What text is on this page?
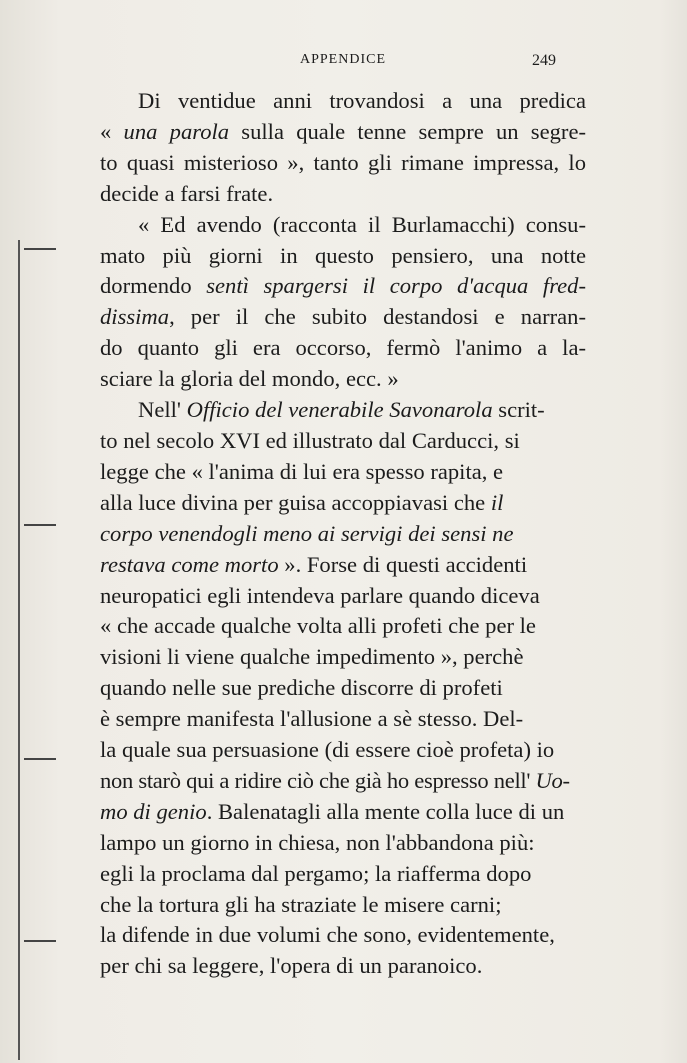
APPENDICE	249

Di ventidue anni trovandosi a una predica
« una parola sulla quale tenne sempre un segre-
to quasi misterioso », tanto gli rimane impressa, lo
decide a farsi frate.

« Ed avendo (racconta il Burlamacchi) consu-
mato più giorni in questo pensiero, una notte
dormendo sentì spargersi il corpo d'acqua fred-
dissima, per il che subito destandosi e narran-
do quanto gli era occorso, fermò l'animo a la-
sciare la gloria del mondo, ecc. »

Nell' Officio del venerabile Savonarola scrit-
to nel secolo XVI ed illustrato dal Carducci, si
legge che « l'anima di lui era spesso rapita, e
alla luce divina per guisa accoppiavasi che il
corpo venendogli meno ai servigi dei sensi ne
restava come morto ». Forse di questi accidenti
neuropatici egli intendeva parlare quando diceva
« che accade qualche volta alli profeti che per le
visioni li viene qualche impedimento », perchè
quando nelle sue prediche discorre di profeti
è sempre manifesta l'allusione a sè stesso. Del-
la quale sua persuasione (di essere cioè profeta) io
non starò qui a ridire ciò che già ho espresso nell' Uo-
mo di genio. Balenatagli alla mente colla luce di un
lampo un giorno in chiesa, non l'abbandona più:
egli la proclama dal pergamo; la riafferma dopo
che la tortura gli ha straziate le misere carni;
la difende in due volumi che sono, evidentemente,
per chi sa leggere, l'opera di un paranoico.
